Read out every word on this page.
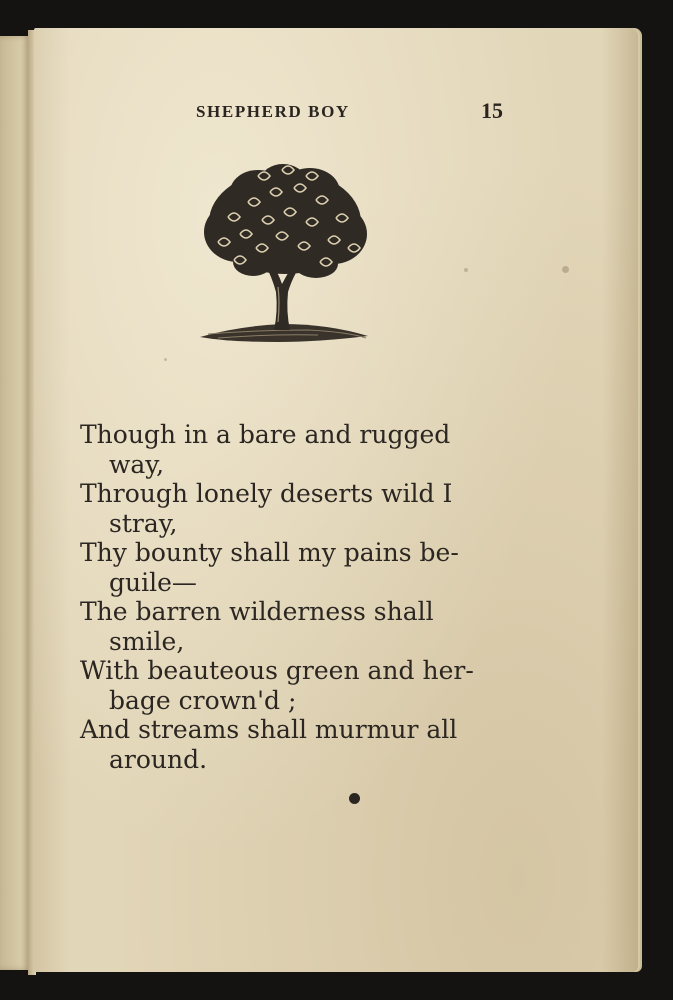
SHEPHERD BOY	15
Though in a bare and rugged
way,
Through lonely deserts wild I
stray,
Thy bounty shall my pains be-
guile—
The barren wilderness shall
smile,
With beauteous green and her-
bage crown'd ;
And streams shall murmur all
around.
